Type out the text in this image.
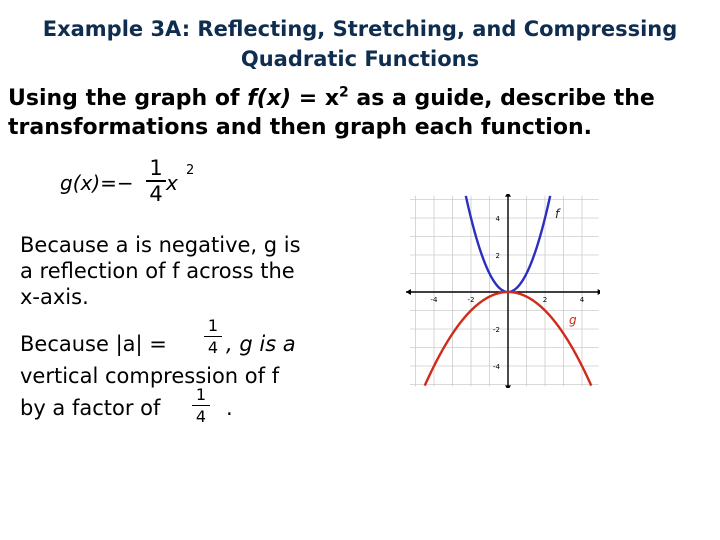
Example 3A: Reflecting, Stretching, and Compressing
Quadratic Functions
Using the graph of $f(x) = x^2$ as a guide, describe the
transformations and then graph each function.
g(x)=−
1
4 x
2
Because a is negative, g is
a reflection of f across the
x-axis.
Because |a| =
1
4 , g is a
vertical compression of f
by a factor of
1
4 .
-4	-2	2	4
4
2
-2
-4
f
g
